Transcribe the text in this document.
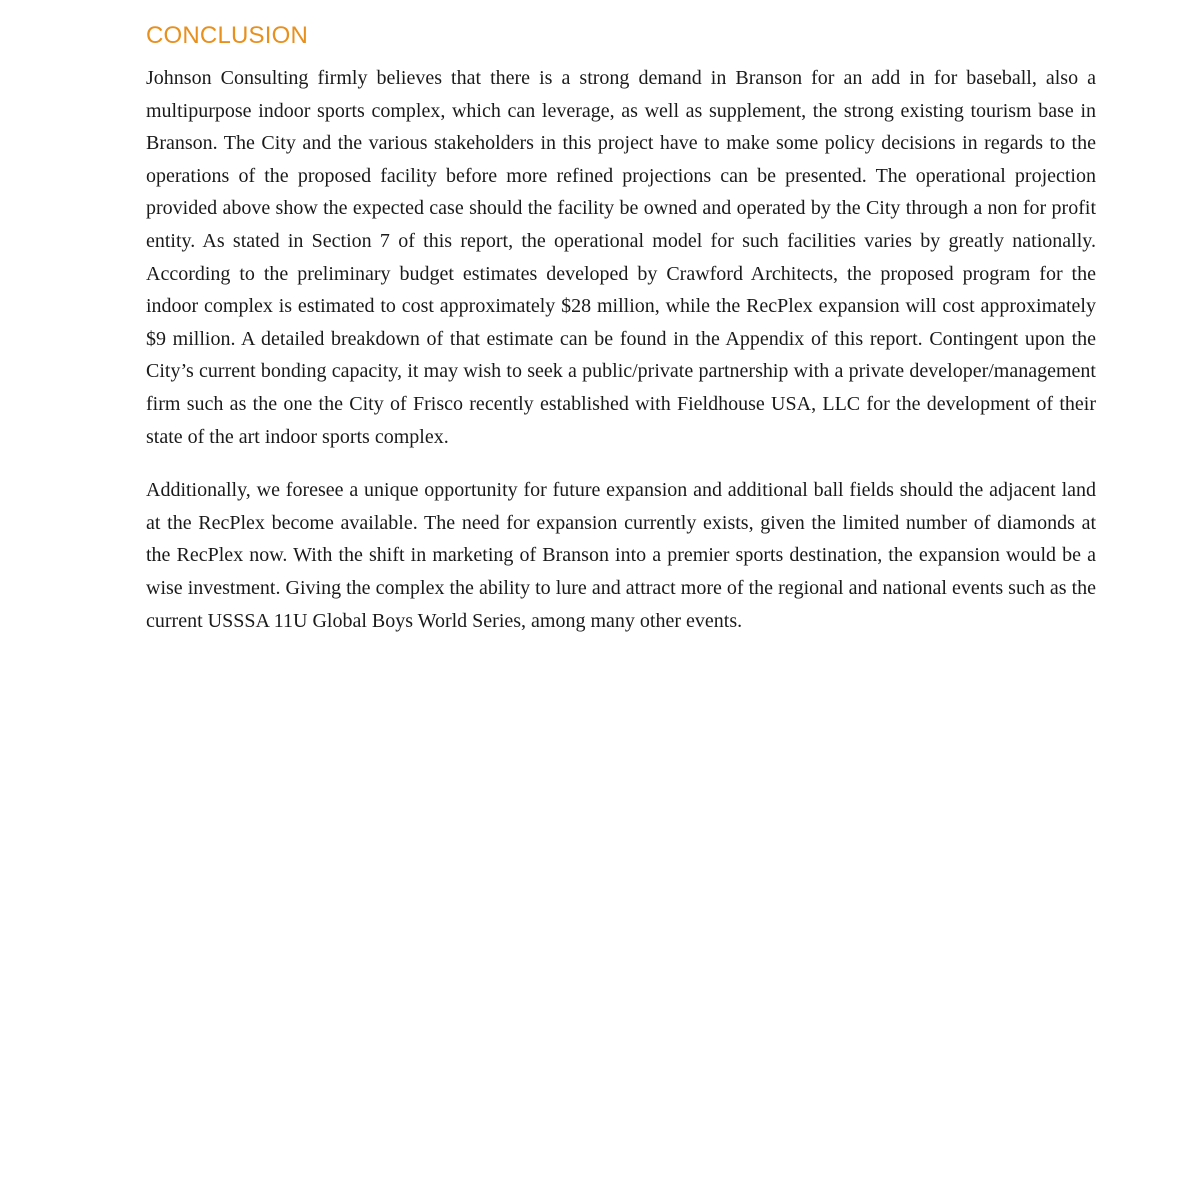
CONCLUSION

Johnson Consulting firmly believes that there is a strong demand in Branson for an add in for baseball, also a multipurpose indoor sports complex, which can leverage, as well as supplement, the strong existing tourism base in Branson. The City and the various stakeholders in this project have to make some policy decisions in regards to the operations of the proposed facility before more refined projections can be presented. The operational projection provided above show the expected case should the facility be owned and operated by the City through a non for profit entity. As stated in Section 7 of this report, the operational model for such facilities varies by greatly nationally. According to the preliminary budget estimates developed by Crawford Architects, the proposed program for the indoor complex is estimated to cost approximately $28 million, while the RecPlex expansion will cost approximately $9 million. A detailed breakdown of that estimate can be found in the Appendix of this report. Contingent upon the City’s current bonding capacity, it may wish to seek a public/private partnership with a private developer/management firm such as the one the City of Frisco recently established with Fieldhouse USA, LLC for the development of their state of the art indoor sports complex.

Additionally, we foresee a unique opportunity for future expansion and additional ball fields should the adjacent land at the RecPlex become available. The need for expansion currently exists, given the limited number of diamonds at the RecPlex now. With the shift in marketing of Branson into a premier sports destination, the expansion would be a wise investment. Giving the complex the ability to lure and attract more of the regional and national events such as the current USSSA 11U Global Boys World Series, among many other events.
